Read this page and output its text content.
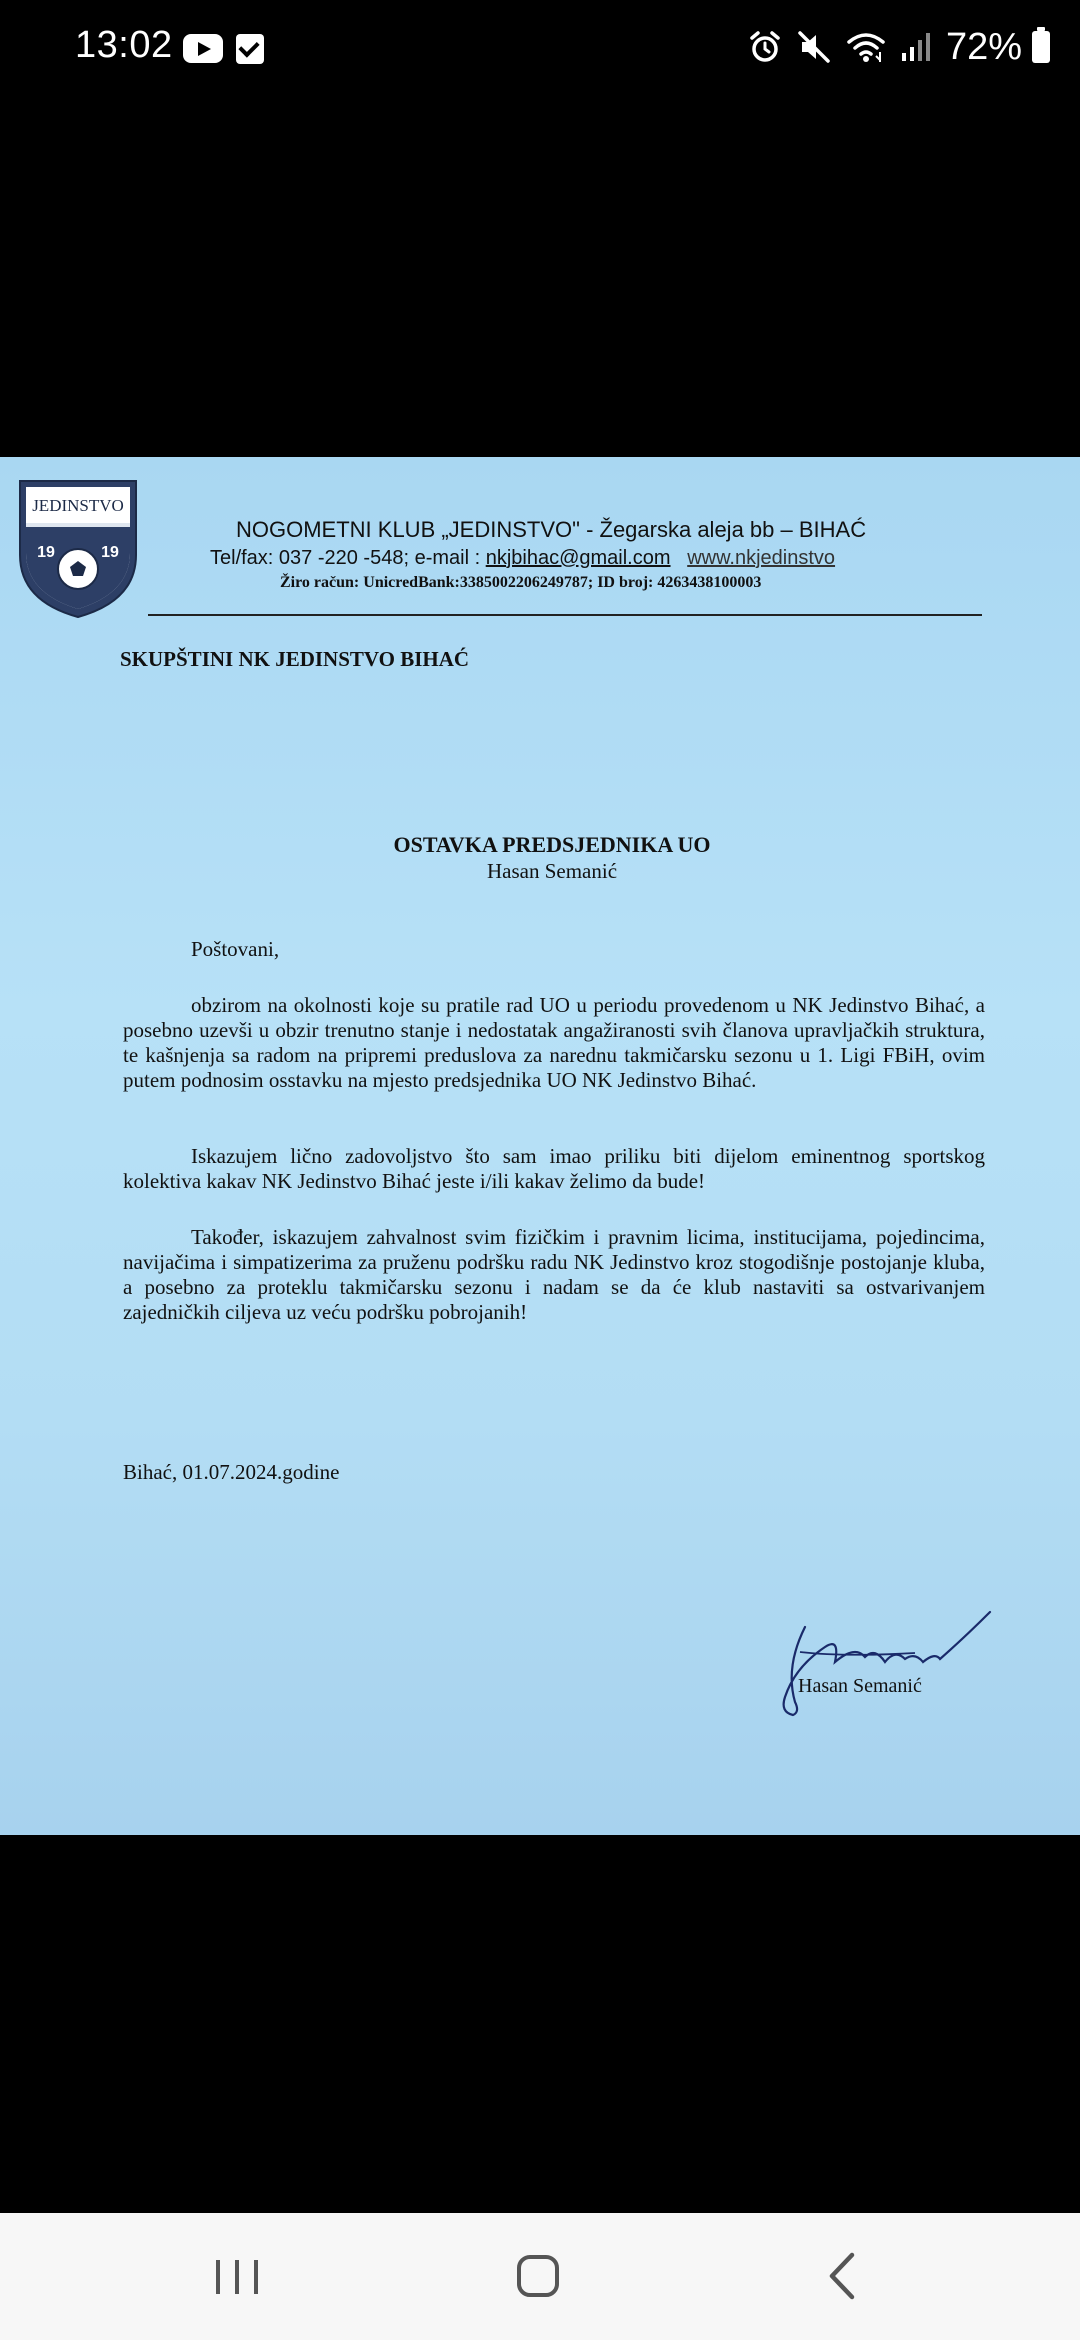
13:02	72%
JEDINSTVO
19	19
NOGOMETNI KLUB „JEDINSTVO" - Žegarska aleja bb – BIHAĆ
Tel/fax: 037 -220 -548; e-mail : nkjbihac@gmail.com www.nkjedinstvo
Žiro račun: UnicredBank:3385002206249787; ID broj: 4263438100003
SKUPŠTINI NK JEDINSTVO BIHAĆ
OSTAVKA PREDSJEDNIKA UO
Hasan Semanić
Poštovani,
obzirom na okolnosti koje su pratile rad UO u periodu provedenom u NK Jedinstvo Bihać, a posebno uzevši u obzir trenutno stanje i nedostatak angažiranosti svih članova upravljačkih struktura, te kašnjenja sa radom na pripremi preduslova za narednu takmičarsku sezonu u 1. Ligi FBiH, ovim putem podnosim osstavku na mjesto predsjednika UO NK Jedinstvo Bihać.
Iskazujem lično zadovoljstvo što sam imao priliku biti dijelom eminentnog sportskog kolektiva kakav NK Jedinstvo Bihać jeste i/ili kakav želimo da bude!
Također, iskazujem zahvalnost svim fizičkim i pravnim licima, institucijama, pojedincima, navijačima i simpatizerima za pruženu podršku radu NK Jedinstvo kroz stogodišnje postojanje kluba, a posebno za proteklu takmičarsku sezonu i nadam se da će klub nastaviti sa ostvarivanjem zajedničkih ciljeva uz veću podršku pobrojanih!
Bihać, 01.07.2024.godine
Hasan Semanić
